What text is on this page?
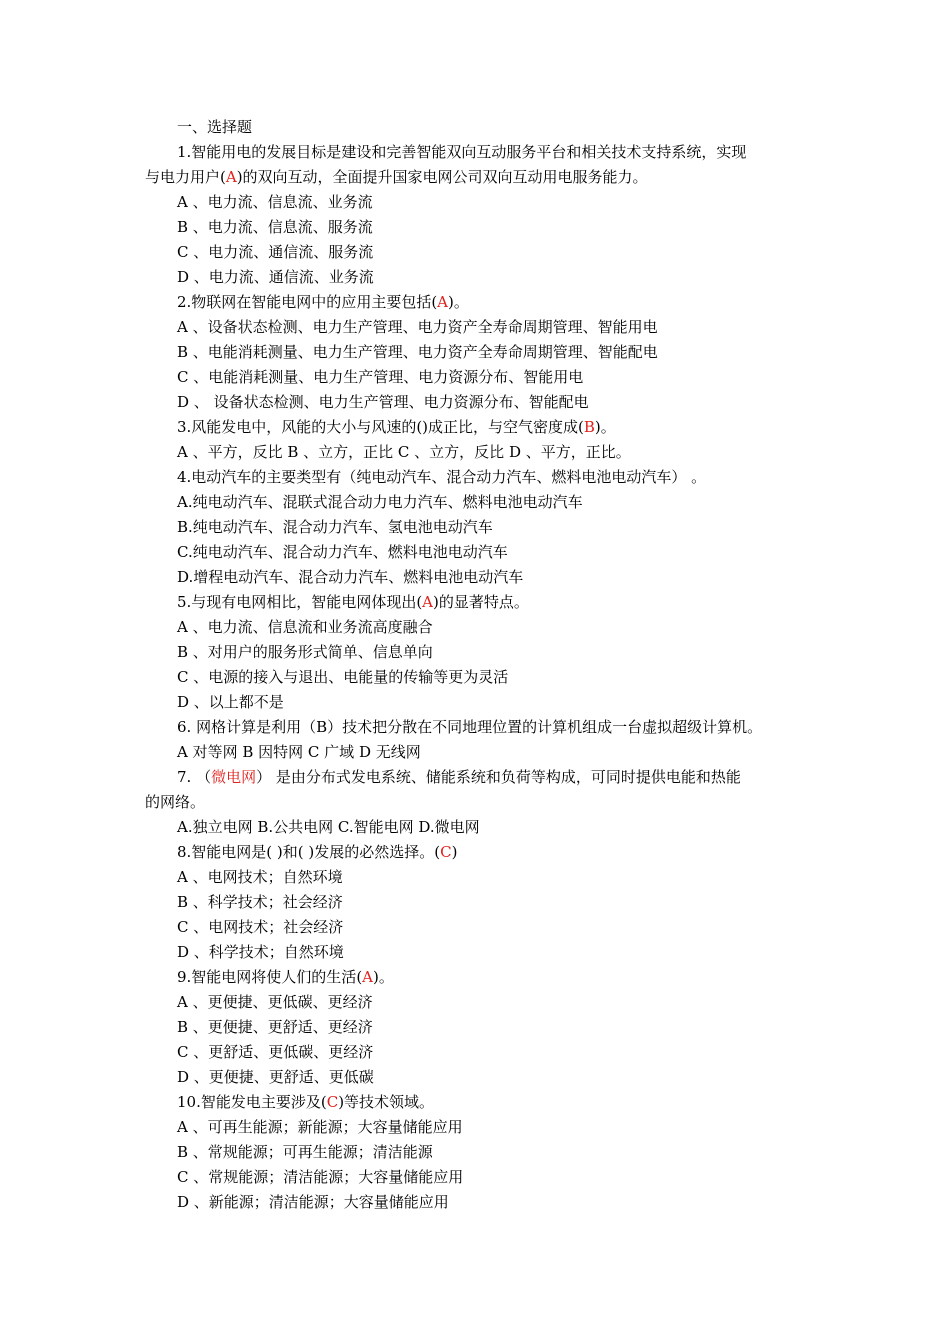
一、选择题
1.智能用电的发展目标是建设和完善智能双向互动服务平台和相关技术支持系统，实现
与电力用户(A)的双向互动，全面提升国家电网公司双向互动用电服务能力。
A 、电力流、信息流、业务流
B 、电力流、信息流、服务流
C 、电力流、通信流、服务流
D 、电力流、通信流、业务流
2.物联网在智能电网中的应用主要包括(A)。
A 、设备状态检测、电力生产管理、电力资产全寿命周期管理、智能用电
B 、电能消耗测量、电力生产管理、电力资产全寿命周期管理、智能配电
C 、电能消耗测量、电力生产管理、电力资源分布、智能用电
D 、 设备状态检测、电力生产管理、电力资源分布、智能配电
3.风能发电中，风能的大小与风速的()成正比，与空气密度成(B)。
A 、平方，反比 B 、立方，正比 C 、立方，反比 D 、平方，正比。
4.电动汽车的主要类型有（纯电动汽车、混合动力汽车、燃料电池电动汽车） 。
A.纯电动汽车、混联式混合动力电力汽车、燃料电池电动汽车
B.纯电动汽车、混合动力汽车、氢电池电动汽车
C.纯电动汽车、混合动力汽车、燃料电池电动汽车
D.增程电动汽车、混合动力汽车、燃料电池电动汽车
5.与现有电网相比，智能电网体现出(A)的显著特点。
A 、电力流、信息流和业务流高度融合
B 、对用户的服务形式简单、信息单向
C 、电源的接入与退出、电能量的传输等更为灵活
D 、以上都不是
6. 网格计算是利用（B）技术把分散在不同地理位置的计算机组成一台虚拟超级计算机。
A 对等网 B 因特网 C 广域 D 无线网
7. （微电网） 是由分布式发电系统、储能系统和负荷等构成，可同时提供电能和热能
的网络。
A.独立电网 B.公共电网 C.智能电网 D.微电网
8.智能电网是( )和( )发展的必然选择。(C)
A 、电网技术；自然环境
B 、科学技术；社会经济
C 、电网技术；社会经济
D 、科学技术；自然环境
9.智能电网将使人们的生活(A)。
A 、更便捷、更低碳、更经济
B 、更便捷、更舒适、更经济
C 、更舒适、更低碳、更经济
D 、更便捷、更舒适、更低碳
10.智能发电主要涉及(C)等技术领域。
A 、可再生能源；新能源；大容量储能应用
B 、常规能源；可再生能源；清洁能源
C 、常规能源；清洁能源；大容量储能应用
D 、新能源；清洁能源；大容量储能应用
